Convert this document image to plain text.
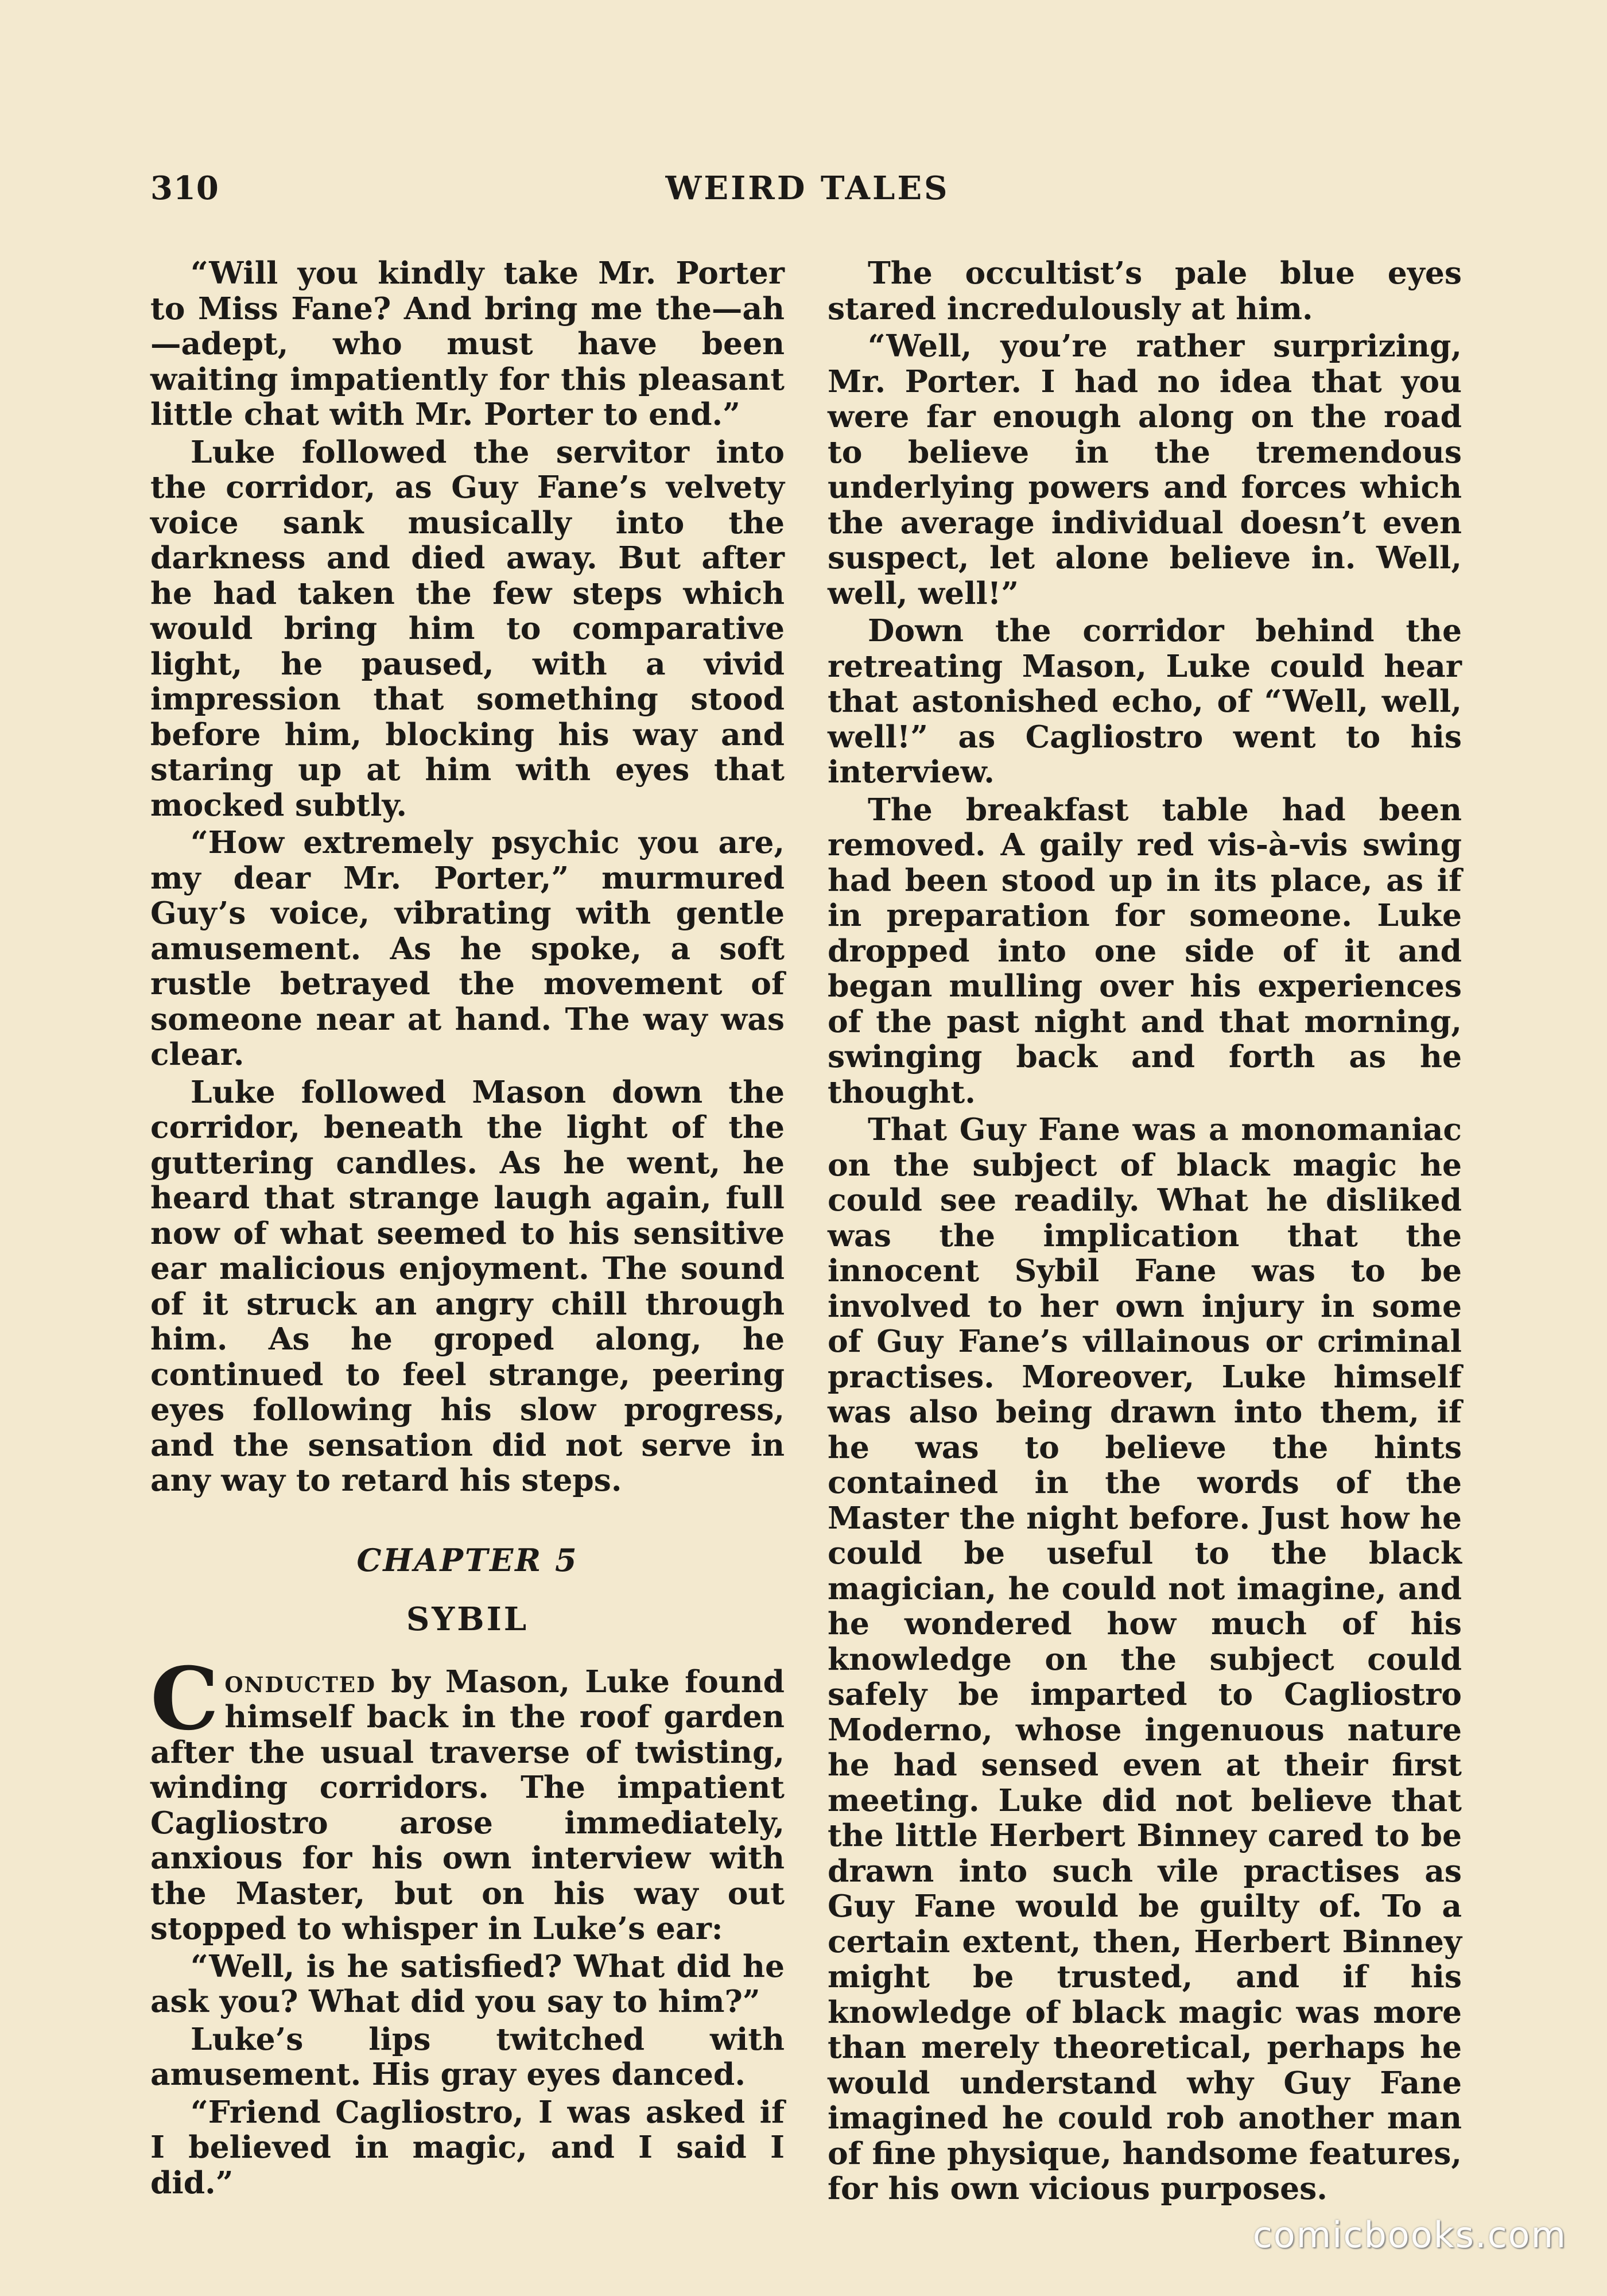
310	WEIRD TALES

“Will you kindly take Mr. Porter to Miss Fane? And bring me the—ah—adept, who must have been waiting impatiently for this pleasant little chat with Mr. Porter to end.”

Luke followed the servitor into the corridor, as Guy Fane’s velvety voice sank musically into the darkness and died away. But after he had taken the few steps which would bring him to comparative light, he paused, with a vivid impression that something stood before him, blocking his way and staring up at him with eyes that mocked subtly.

“How extremely psychic you are, my dear Mr. Porter,” murmured Guy’s voice, vibrating with gentle amusement. As he spoke, a soft rustle betrayed the movement of someone near at hand. The way was clear.

Luke followed Mason down the corridor, beneath the light of the guttering candles. As he went, he heard that strange laugh again, full now of what seemed to his sensitive ear malicious enjoyment. The sound of it struck an angry chill through him. As he groped along, he continued to feel strange, peering eyes following his slow progress, and the sensation did not serve in any way to retard his steps.

CHAPTER 5
SYBIL

Conducted by Mason, Luke found himself back in the roof garden after the usual traverse of twisting, winding corridors. The impatient Cagliostro arose immediately, anxious for his own interview with the Master, but on his way out stopped to whisper in Luke’s ear:

“Well, is he satisfied? What did he ask you? What did you say to him?”

Luke’s lips twitched with amusement. His gray eyes danced.

“Friend Cagliostro, I was asked if I believed in magic, and I said I did.”

The occultist’s pale blue eyes stared incredulously at him.

“Well, you’re rather surprizing, Mr. Porter. I had no idea that you were far enough along on the road to believe in the tremendous underlying powers and forces which the average individual doesn’t even suspect, let alone believe in. Well, well, well!”

Down the corridor behind the retreating Mason, Luke could hear that astonished echo, of “Well, well, well!” as Cagliostro went to his interview.

The breakfast table had been removed. A gaily red vis-à-vis swing had been stood up in its place, as if in preparation for someone. Luke dropped into one side of it and began mulling over his experiences of the past night and that morning, swinging back and forth as he thought.

That Guy Fane was a monomaniac on the subject of black magic he could see readily. What he disliked was the implication that the innocent Sybil Fane was to be involved to her own injury in some of Guy Fane’s villainous or criminal practises. Moreover, Luke himself was also being drawn into them, if he was to believe the hints contained in the words of the Master the night before. Just how he could be useful to the black magician, he could not imagine, and he wondered how much of his knowledge on the subject could safely be imparted to Cagliostro Moderno, whose ingenuous nature he had sensed even at their first meeting. Luke did not believe that the little Herbert Binney cared to be drawn into such vile practises as Guy Fane would be guilty of. To a certain extent, then, Herbert Binney might be trusted, and if his knowledge of black magic was more than merely theoretical, perhaps he would understand why Guy Fane imagined he could rob another man of fine physique, handsome features, for his own vicious purposes.

comicbooks.com
